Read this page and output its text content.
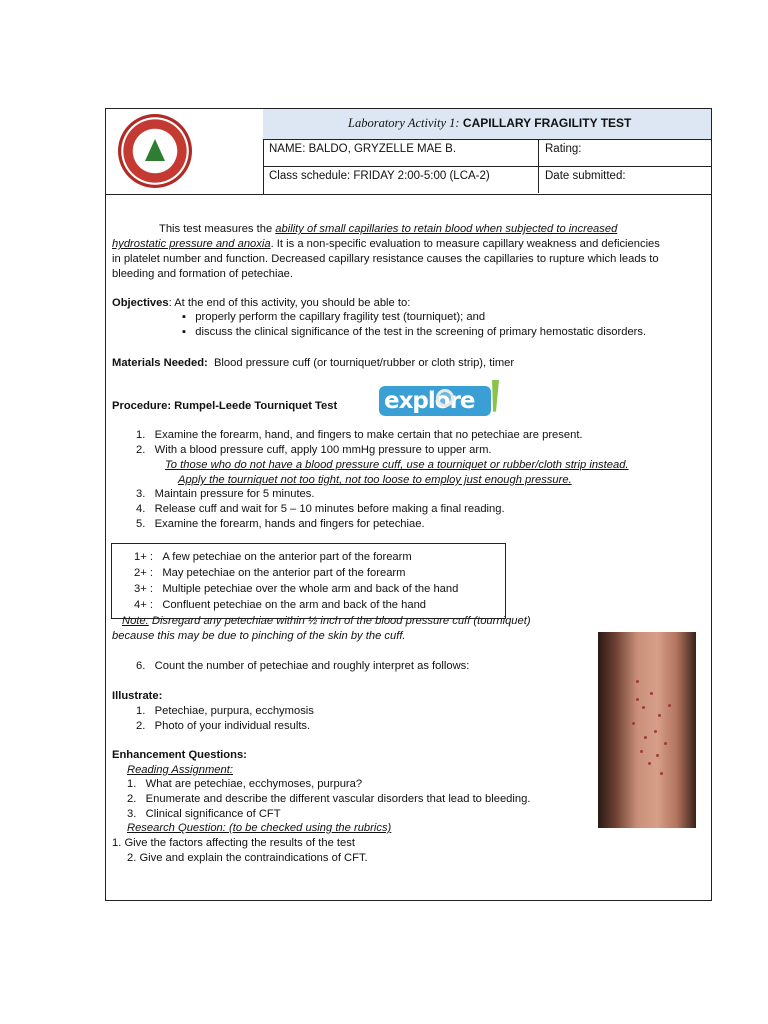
Laboratory Activity 1: CAPILLARY FRAGILITY TEST
NAME: BALDO, GRYZELLE MAE B.	Rating:
Class schedule: FRIDAY 2:00-5:00 (LCA-2)	Date submitted:
This test measures the ability of small capillaries to retain blood when subjected to increased
hydrostatic pressure and anoxia. It is a non-specific evaluation to measure capillary weakness and deficiencies
in platelet number and function. Decreased capillary resistance causes the capillaries to rupture which leads to
bleeding and formation of petechiae.
Objectives: At the end of this activity, you should be able to:
▪   properly perform the capillary fragility test (tourniquet); and
▪   discuss the clinical significance of the test in the screening of primary hemostatic disorders.
Materials Needed: Blood pressure cuff (or tourniquet/rubber or cloth strip), timer
Procedure: Rumpel-Leede Tourniquet Test
1. Examine the forearm, hand, and fingers to make certain that no petechiae are present.
2. With a blood pressure cuff, apply 100 mmHg pressure to upper arm.
To those who do not have a blood pressure cuff, use a tourniquet or rubber/cloth strip instead.
Apply the tourniquet not too tight, not too loose to employ just enough pressure.
3. Maintain pressure for 5 minutes.
4. Release cuff and wait for 5 – 10 minutes before making a final reading.
5. Examine the forearm, hands and fingers for petechiae.
Note: Disregard any petechiae within ½ inch of the blood pressure cuff (tourniquet)
because this may be due to pinching of the skin by the cuff.
6. Count the number of petechiae and roughly interpret as follows:
Illustrate:
1. Petechiae, purpura, ecchymosis
2. Photo of your individual results.
Enhancement Questions:
Reading Assignment:
1. What are petechiae, ecchymoses, purpura?
2. Enumerate and describe the different vascular disorders that lead to bleeding.
3. Clinical significance of CFT
Research Question: (to be checked using the rubrics)
1. Give the factors affecting the results of the test
2. Give and explain the contraindications of CFT.
explore
1+ : A few petechiae on the anterior part of the forearm
2+ : May petechiae on the anterior part of the forearm
3+ : Multiple petechiae over the whole arm and back of the hand
4+ : Confluent petechiae on the arm and back of the hand
